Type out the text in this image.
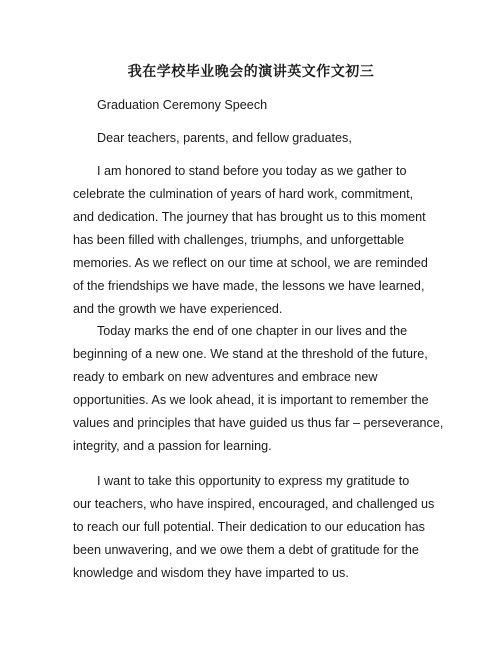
我在学校毕业晚会的演讲英文作文初三

Graduation Ceremony Speech

Dear teachers, parents, and fellow graduates,

I am honored to stand before you today as we gather to
celebrate the culmination of years of hard work, commitment,
and dedication. The journey that has brought us to this moment
has been filled with challenges, triumphs, and unforgettable
memories. As we reflect on our time at school, we are reminded
of the friendships we have made, the lessons we have learned,
and the growth we have experienced.

Today marks the end of one chapter in our lives and the
beginning of a new one. We stand at the threshold of the future,
ready to embark on new adventures and embrace new
opportunities. As we look ahead, it is important to remember the
values and principles that have guided us thus far – perseverance,
integrity, and a passion for learning.

I want to take this opportunity to express my gratitude to
our teachers, who have inspired, encouraged, and challenged us
to reach our full potential. Their dedication to our education has
been unwavering, and we owe them a debt of gratitude for the
knowledge and wisdom they have imparted to us.
